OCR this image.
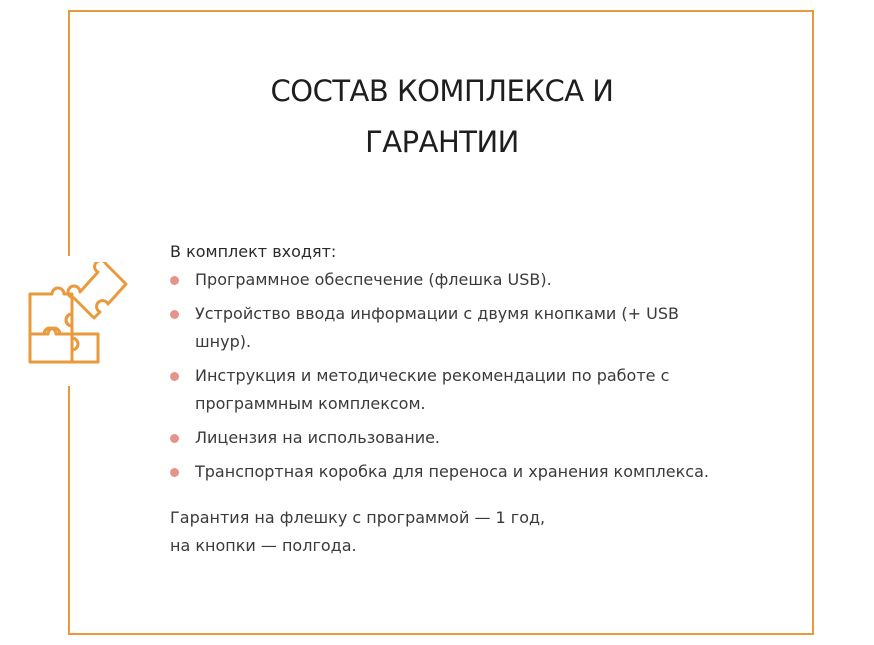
СОСТАВ КОМПЛЕКСА И
ГАРАНТИИ

В комплект входят:

Программное обеспечение (флешка USB).
Устройство ввода информации с двумя кнопками (+ USB шнур).
Инструкция и методические рекомендации по работе с программным комплексом.
Лицензия на использование.
Транспортная коробка для переноса и хранения комплекса.

Гарантия на флешку с программой — 1 год,
на кнопки — полгода.
